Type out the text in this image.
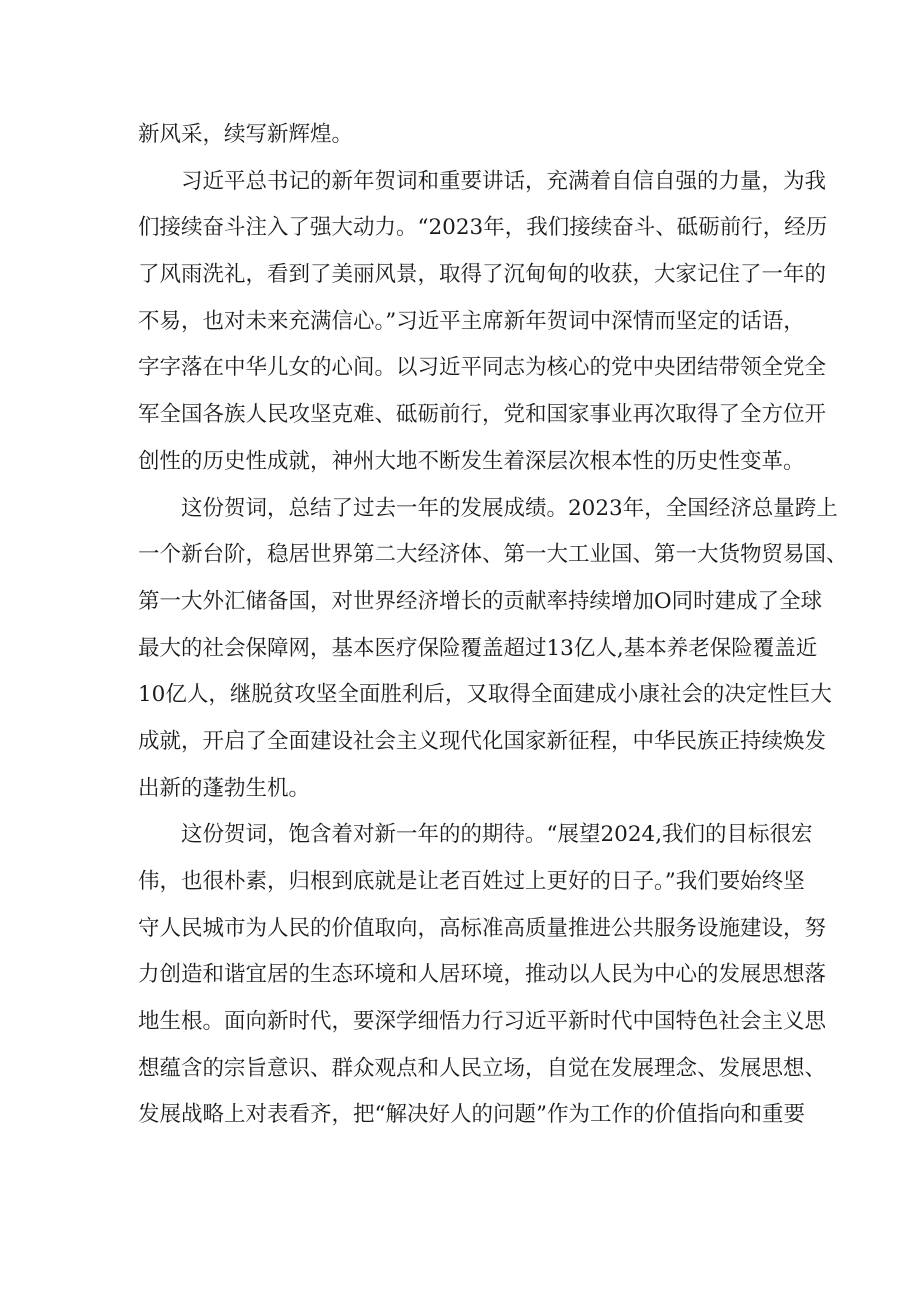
新风采，续写新辉煌。
习近平总书记的新年贺词和重要讲话，充满着自信自强的力量，为我
们接续奋斗注入了强大动力。“2023年，我们接续奋斗、砥砺前行，经历
了风雨洗礼，看到了美丽风景，取得了沉甸甸的收获，大家记住了一年的
不易，也对未来充满信心。”习近平主席新年贺词中深情而坚定的话语，
字字落在中华儿女的心间。以习近平同志为核心的党中央团结带领全党全
军全国各族人民攻坚克难、砥砺前行，党和国家事业再次取得了全方位开
创性的历史性成就，神州大地不断发生着深层次根本性的历史性变革。
这份贺词，总结了过去一年的发展成绩。2023年，全国经济总量跨上
一个新台阶，稳居世界第二大经济体、第一大工业国、第一大货物贸易国、
第一大外汇储备国，对世界经济增长的贡献率持续增加O同时建成了全球
最大的社会保障网，基本医疗保险覆盖超过13亿人,基本养老保险覆盖近
10亿人，继脱贫攻坚全面胜利后，又取得全面建成小康社会的决定性巨大
成就，开启了全面建设社会主义现代化国家新征程，中华民族正持续焕发
出新的蓬勃生机。
这份贺词，饱含着对新一年的的期待。“展望2024,我们的目标很宏
伟，也很朴素，归根到底就是让老百姓过上更好的日子。”我们要始终坚
守人民城市为人民的价值取向，高标准高质量推进公共服务设施建设，努
力创造和谐宜居的生态环境和人居环境，推动以人民为中心的发展思想落
地生根。面向新时代，要深学细悟力行习近平新时代中国特色社会主义思
想蕴含的宗旨意识、群众观点和人民立场，自觉在发展理念、发展思想、
发展战略上对表看齐，把“解决好人的问题”作为工作的价值指向和重要
